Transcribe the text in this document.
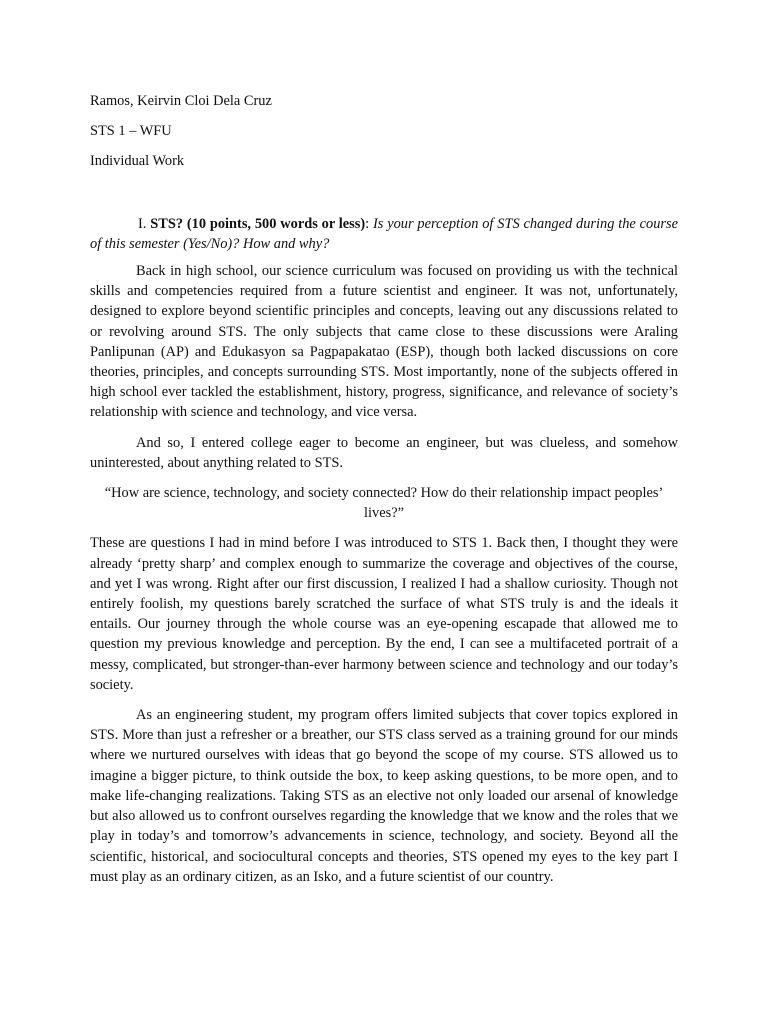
Ramos, Keirvin Cloi Dela Cruz
STS 1 – WFU
Individual Work
I. STS? (10 points, 500 words or less): Is your perception of STS changed during the course of this semester (Yes/No)? How and why?

Back in high school, our science curriculum was focused on providing us with the technical skills and competencies required from a future scientist and engineer. It was not, unfortunately, designed to explore beyond scientific principles and concepts, leaving out any discussions related to or revolving around STS. The only subjects that came close to these discussions were Araling Panlipunan (AP) and Edukasyon sa Pagpapakatao (ESP), though both lacked discussions on core theories, principles, and concepts surrounding STS. Most importantly, none of the subjects offered in high school ever tackled the establishment, history, progress, significance, and relevance of society’s relationship with science and technology, and vice versa.

And so, I entered college eager to become an engineer, but was clueless, and somehow uninterested, about anything related to STS.

“How are science, technology, and society connected? How do their relationship impact peoples’ lives?”

These are questions I had in mind before I was introduced to STS 1. Back then, I thought they were already ‘pretty sharp’ and complex enough to summarize the coverage and objectives of the course, and yet I was wrong. Right after our first discussion, I realized I had a shallow curiosity. Though not entirely foolish, my questions barely scratched the surface of what STS truly is and the ideals it entails. Our journey through the whole course was an eye-opening escapade that allowed me to question my previous knowledge and perception. By the end, I can see a multifaceted portrait of a messy, complicated, but stronger-than-ever harmony between science and technology and our today’s society.

As an engineering student, my program offers limited subjects that cover topics explored in STS. More than just a refresher or a breather, our STS class served as a training ground for our minds where we nurtured ourselves with ideas that go beyond the scope of my course. STS allowed us to imagine a bigger picture, to think outside the box, to keep asking questions, to be more open, and to make life-changing realizations. Taking STS as an elective not only loaded our arsenal of knowledge but also allowed us to confront ourselves regarding the knowledge that we know and the roles that we play in today’s and tomorrow’s advancements in science, technology, and society. Beyond all the scientific, historical, and sociocultural concepts and theories, STS opened my eyes to the key part I must play as an ordinary citizen, as an Isko, and a future scientist of our country.
